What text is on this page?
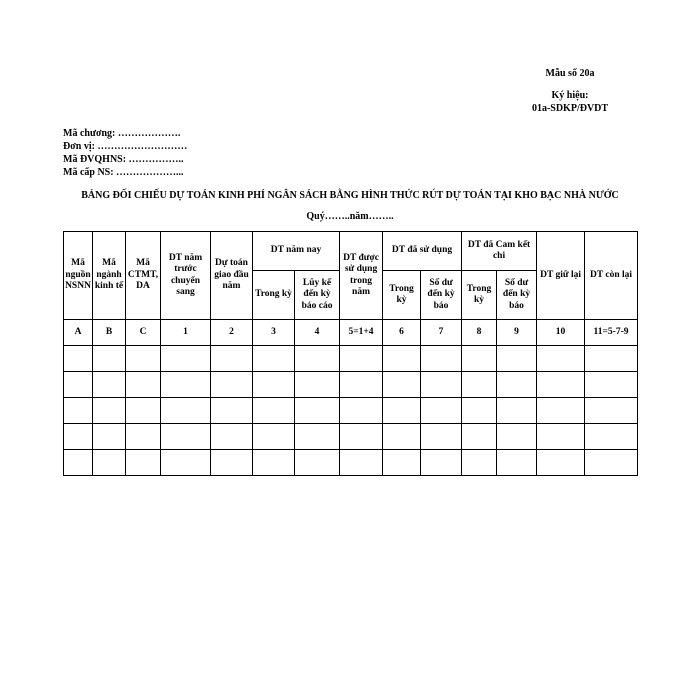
Mẫu số 20a
Ký hiệu:
01a-SDKP/ĐVDT
Mã chương: ……………….
Đơn vị: ………………………
Mã ĐVQHNS: ……………..
Mã cấp NS: ………………...
BẢNG ĐỐI CHIẾU DỰ TOÁN KINH PHÍ NGÂN SÁCH BẰNG HÌNH THỨC RÚT DỰ TOÁN TẠI KHO BẠC NHÀ NƯỚC
Quý……..năm……..
Mã nguồn NSNN	Mã ngành kinh tế	Mã CTMT, DA	DT năm trước chuyển sang	Dự toán giao đầu năm	DT năm nay		DT được sử dụng trong năm	DT đã sử dụng		DT đã Cam kết chi		DT giữ lại	DT còn lại
					Trong kỳ	Lũy kế đến kỳ báo cáo		Trong kỳ	Số dư đến kỳ báo	Trong kỳ	Số dư đến kỳ báo		
A	B	C	1	2	3	4	5=1+4	6	7	8	9	10	11=5-7-9
